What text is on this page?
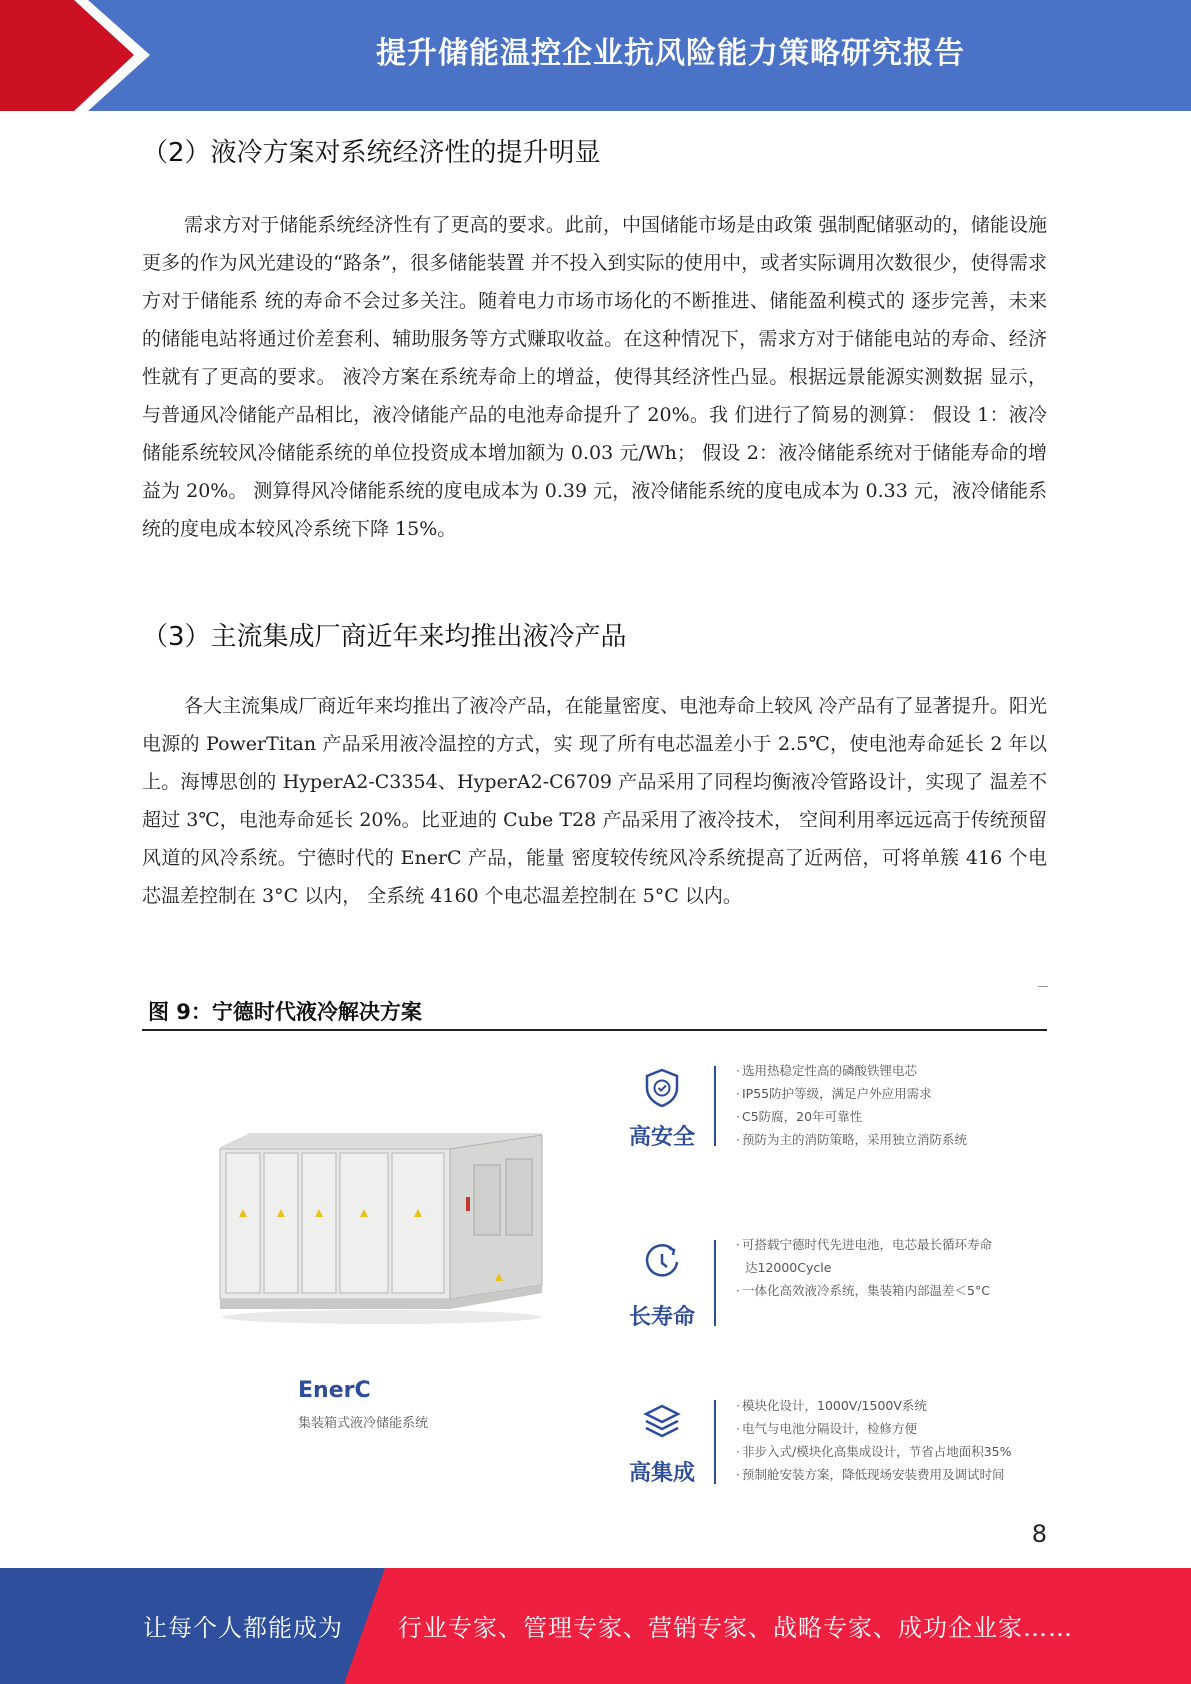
提升储能温控企业抗风险能力策略研究报告
（2）液冷方案对系统经济性的提升明显

需求方对于储能系统经济性有了更高的要求。此前，中国储能市场是由政策 强制配储驱动的，储能设施更多的作为风光建设的“路条”，很多储能装置 并不投入到实际的使用中，或者实际调用次数很少，使得需求方对于储能系 统的寿命不会过多关注。随着电力市场市场化的不断推进、储能盈利模式的 逐步完善，未来的储能电站将通过价差套利、辅助服务等方式赚取收益。在这种情况下，需求方对于储能电站的寿命、经济性就有了更高的要求。 液冷方案在系统寿命上的增益，使得其经济性凸显。根据远景能源实测数据 显示，与普通风冷储能产品相比，液冷储能产品的电池寿命提升了 20%。我 们进行了简易的测算： 假设 1：液冷储能系统较风冷储能系统的单位投资成本增加额为 0.03 元/Wh； 假设 2：液冷储能系统对于储能寿命的增益为 20%。 测算得风冷储能系统的度电成本为 0.39 元，液冷储能系统的度电成本为 0.33 元，液冷储能系统的度电成本较风冷系统下降 15%。

（3）主流集成厂商近年来均推出液冷产品

各大主流集成厂商近年来均推出了液冷产品，在能量密度、电池寿命上较风 冷产品有了显著提升。阳光电源的 PowerTitan 产品采用液冷温控的方式，实 现了所有电芯温差小于 2.5℃，使电池寿命延长 2 年以上。海博思创的 HyperA2-C3354、HyperA2-C6709 产品采用了同程均衡液冷管路设计，实现了 温差不超过 3℃，电池寿命延长 20%。比亚迪的 Cube T28 产品采用了液冷技术， 空间利用率远远高于传统预留风道的风冷系统。宁德时代的 EnerC 产品，能量 密度较传统风冷系统提高了近两倍，可将单簇 416 个电芯温差控制在 3°C 以内， 全系统 4160 个电芯温差控制在 5°C 以内。

图 9：宁德时代液冷解决方案
EnerC
集装箱式液冷储能系统
高安全
· 选用热稳定性高的磷酸铁锂电芯
· IP55防护等级，满足户外应用需求
· C5防腐，20年可靠性
· 预防为主的消防策略，采用独立消防系统
长寿命
· 可搭载宁德时代先进电池，电芯最长循环寿命
达12000Cycle
· 一体化高效液冷系统，集装箱内部温差＜5°C
高集成
· 模块化设计，1000V/1500V系统
· 电气与电池分隔设计，检修方便
· 非步入式/模块化高集成设计，节省占地面积35%
· 预制舱安装方案，降低现场安装费用及调试时间
8
让每个人都能成为 行业专家、管理专家、营销专家、战略专家、成功企业家……
